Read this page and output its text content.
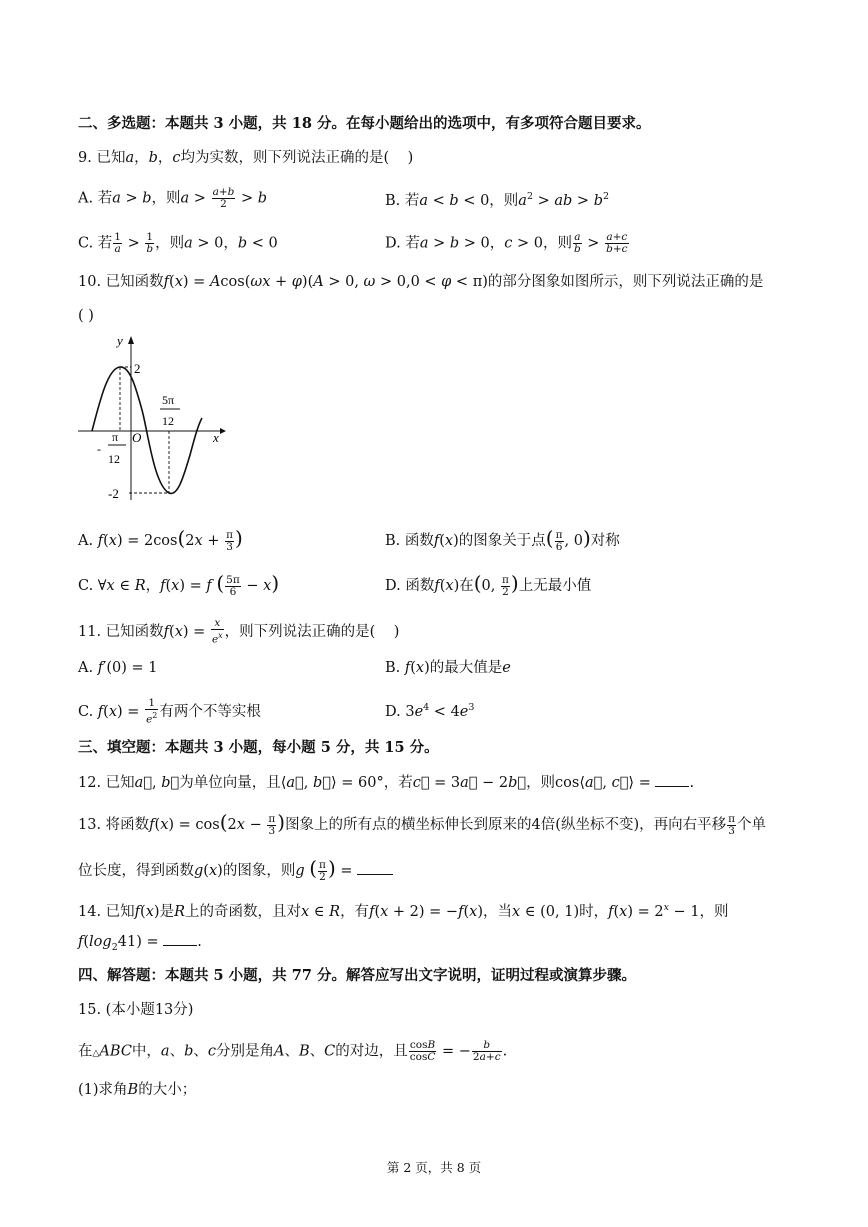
二、多选题：本题共 3 小题，共 18 分。在每小题给出的选项中，有多项符合题目要求。
9. 已知a，b，c均为实数，则下列说法正确的是(    )
A. 若a > b，则$a > \frac{a+b}{2} > b$	B. 若a < b < 0，则$a^2$ > ab > $b^2$
C. 若 $\frac{1}{a} > \frac{1}{b}$ ，则a > 0，b < 0	D. 若a > b > 0，c > 0，则 $\frac{a}{b} > \frac{a+c}{b+c}$
10. 已知函数f(x) = Acos(ωx + φ)(A > 0, ω > 0,0 < φ < π)的部分图象如图所示，则下列说法正确的是
( )
y
x
O
2
-2
π
12
-
5π
12
A. $f(x) = 2\cos(2x + \frac{\pi}{3}$ )	B. 函数f(x)的图象关于点( $\frac{\pi}{6}$ , 0)对称
C. ∀x ∈ R，f(x) = f ( $\frac{5\pi}{6} - x$)	D. 函数f(x)在(0, $\frac{\pi}{2}$ )上无最小值
11. 已知函数$f(x) = \frac{x}{e^x}$ ，则下列说法正确的是(    )
A. f′(0) = 1	B. f(x)的最大值是e
C. $f(x) = \frac{1}{e^2}$ 有两个不等实根	D. $3e^4 < 4e^3$
三、填空题：本题共 3 小题，每小题 5 分，共 15 分。
12. 已知a⃗, b⃗为单位向量，且⟨a⃗, b⃗⟩ = 60°，若c⃗ = 3a⃗ − 2b⃗，则cos⟨a⃗, c⃗⟩ = .
13. 将函数$f(x) = \cos(2x - \frac{\pi}{3}$ )图象上的所有点的横坐标伸长到原来的4倍(纵坐标不变)，再向右平移 $\frac{\pi}{3}$ 个单
位长度，得到函数g(x)的图象，则g ( $\frac{\pi}{2}$ ) =
14. 已知f(x)是R上的奇函数，且对x ∈ R，有f(x + 2) = −f(x)，当x ∈ (0, 1)时，$f(x) = 2^x - 1$，则
$f(\log_241)$ = .
四、解答题：本题共 5 小题，共 77 分。解答应写出文字说明，证明过程或演算步骤。
15. (本小题13分)
在△ABC中，a、b、c分别是角A、B、C的对边，且 $\frac{\cos B}{\cos C}$ = − $\frac{b}{2a+c}$ .
(1)求角B的大小；
第 2 页，共 8 页
